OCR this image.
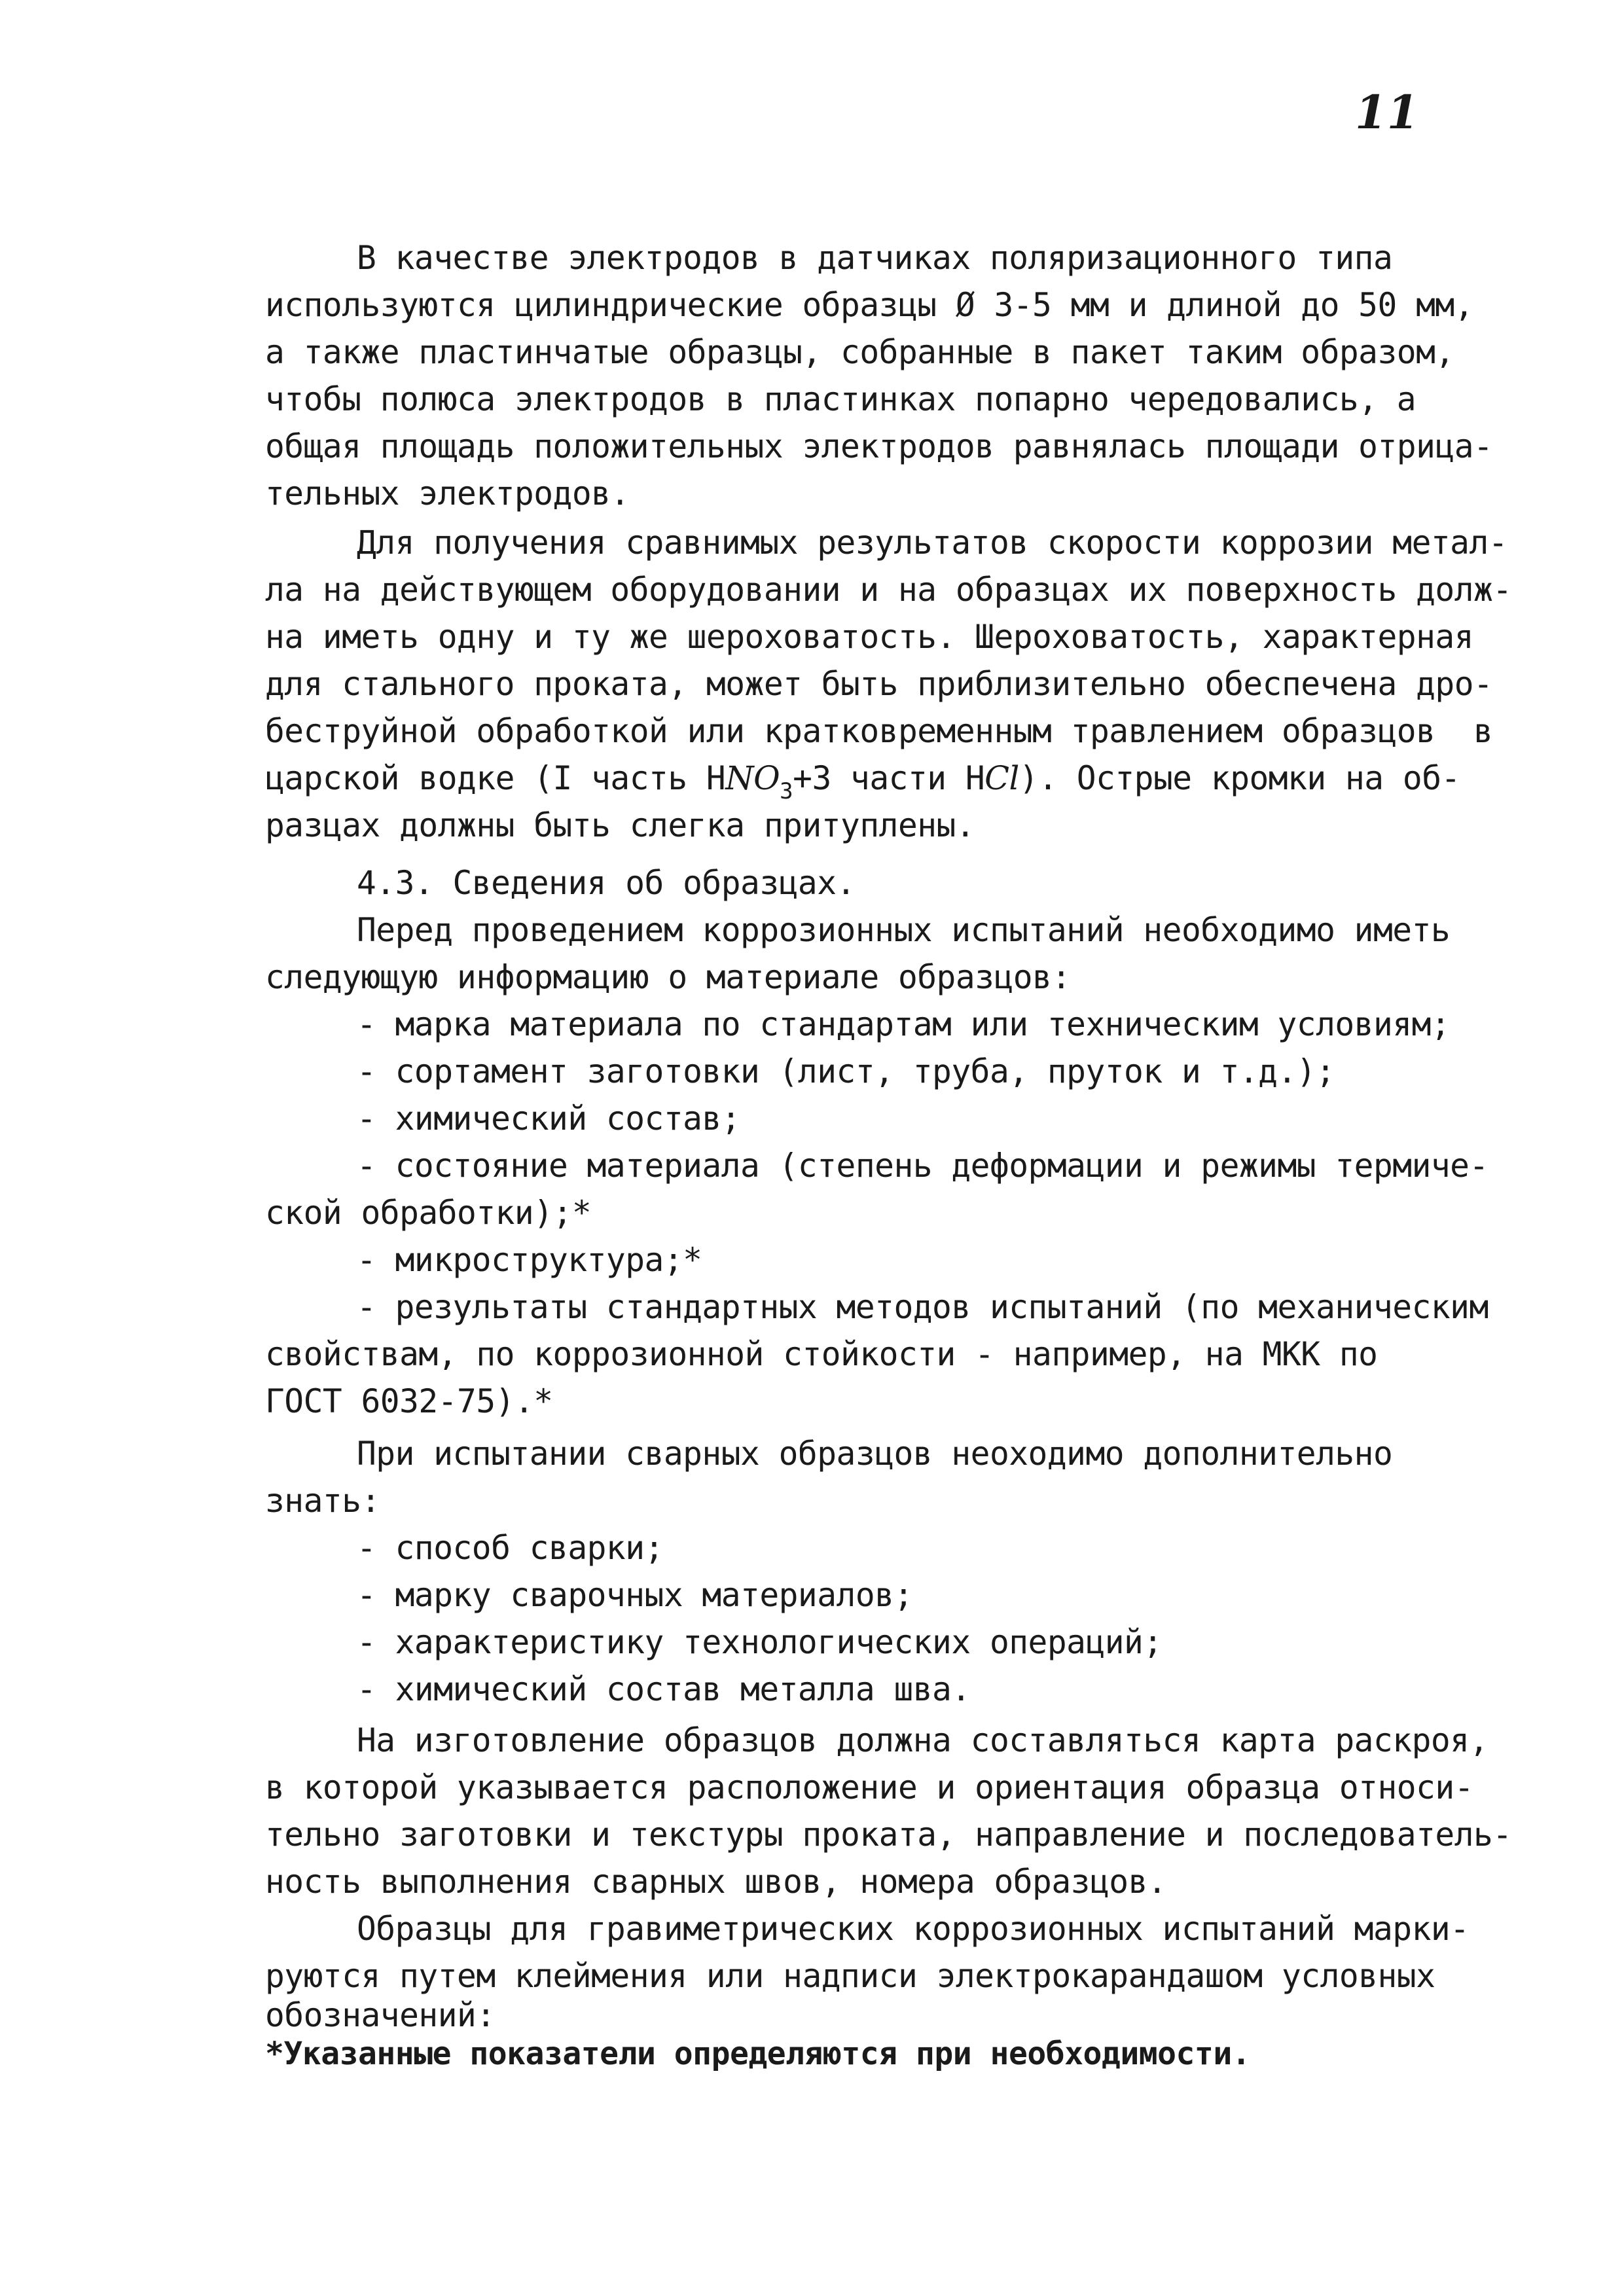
11
В качестве электродов в датчиках поляризационного типа
используются цилиндрические образцы Ø 3-5 мм и длиной до 50 мм,
а также пластинчатые образцы, собранные в пакет таким образом,
чтобы полюса электродов в пластинках попарно чередовались, а
общая площадь положительных электродов равнялась площади отрица-
тельных электродов.
Для получения сравнимых результатов скорости коррозии метал-
ла на действующем оборудовании и на образцах их поверхность долж-
на иметь одну и ту же шероховатость. Шероховатость, характерная
для стального проката, может быть приблизительно обеспечена дро-
беструйной обработкой или кратковременным травлением образцов  в
царской водке (I часть $НNO_3+3$ части НCl). Острые кромки на об-
разцах должны быть слегка притуплены.
4.3. Сведения об образцах.
Перед проведением коррозионных испытаний необходимо иметь
следующую информацию о материале образцов:
- марка материала по стандартам или техническим условиям;
- сортамент заготовки (лист, труба, пруток и т.д.);
- химический состав;
- состояние материала (степень деформации и режимы термиче-
ской обработки);*
- микроструктура;*
- результаты стандартных методов испытаний (по механическим
свойствам, по коррозионной стойкости - например, на МКК по
ГОСТ 6032-75).*
При испытании сварных образцов неоходимо дополнительно
знать:
- способ сварки;
- марку сварочных материалов;
- характеристику технологических операций;
- химический состав металла шва.
На изготовление образцов должна составляться карта раскроя,
в которой указывается расположение и ориентация образца относи-
тельно заготовки и текстуры проката, направление и последователь-
ность выполнения сварных швов, номера образцов.
Образцы для гравиметрических коррозионных испытаний марки-
руются путем клеймения или надписи электрокарандашом условных
обозначений:
*Указанные показатели определяются при необходимости.
